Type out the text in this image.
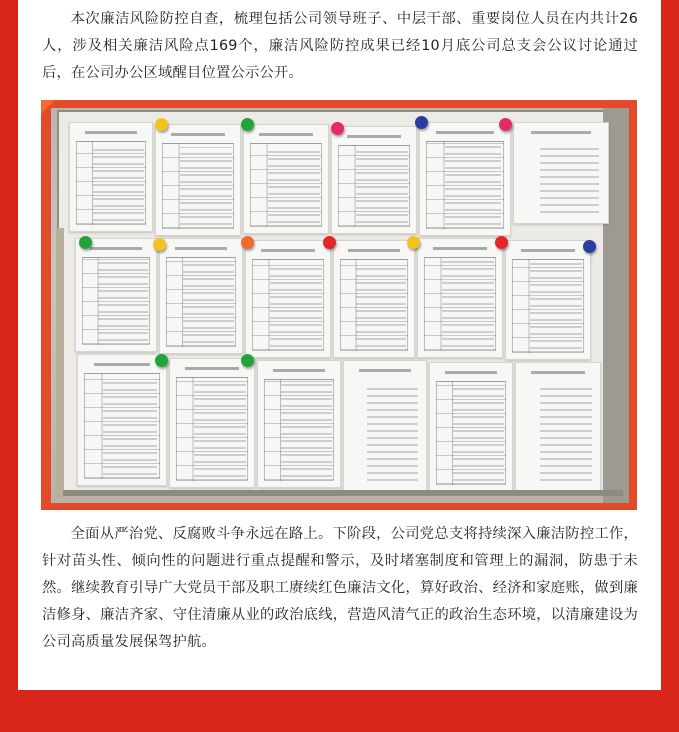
本次廉洁风险防控自查，梳理包括公司领导班子、中层干部、重要岗位人员在内共计26人，涉及相关廉洁风险点169个，廉洁风险防控成果已经10月底公司总支会公议讨论通过后，在公司办公区域醒目位置公示公开。

全面从严治党、反腐败斗争永远在路上。下阶段，公司党总支将持续深入廉洁防控工作，针对苗头性、倾向性的问题进行重点提醒和警示，及时堵塞制度和管理上的漏洞，防患于未然。继续教育引导广大党员干部及职工赓续红色廉洁文化，算好政治、经济和家庭账，做到廉洁修身、廉洁齐家、守住清廉从业的政治底线，营造风清气正的政治生态环境，以清廉建设为公司高质量发展保驾护航。
